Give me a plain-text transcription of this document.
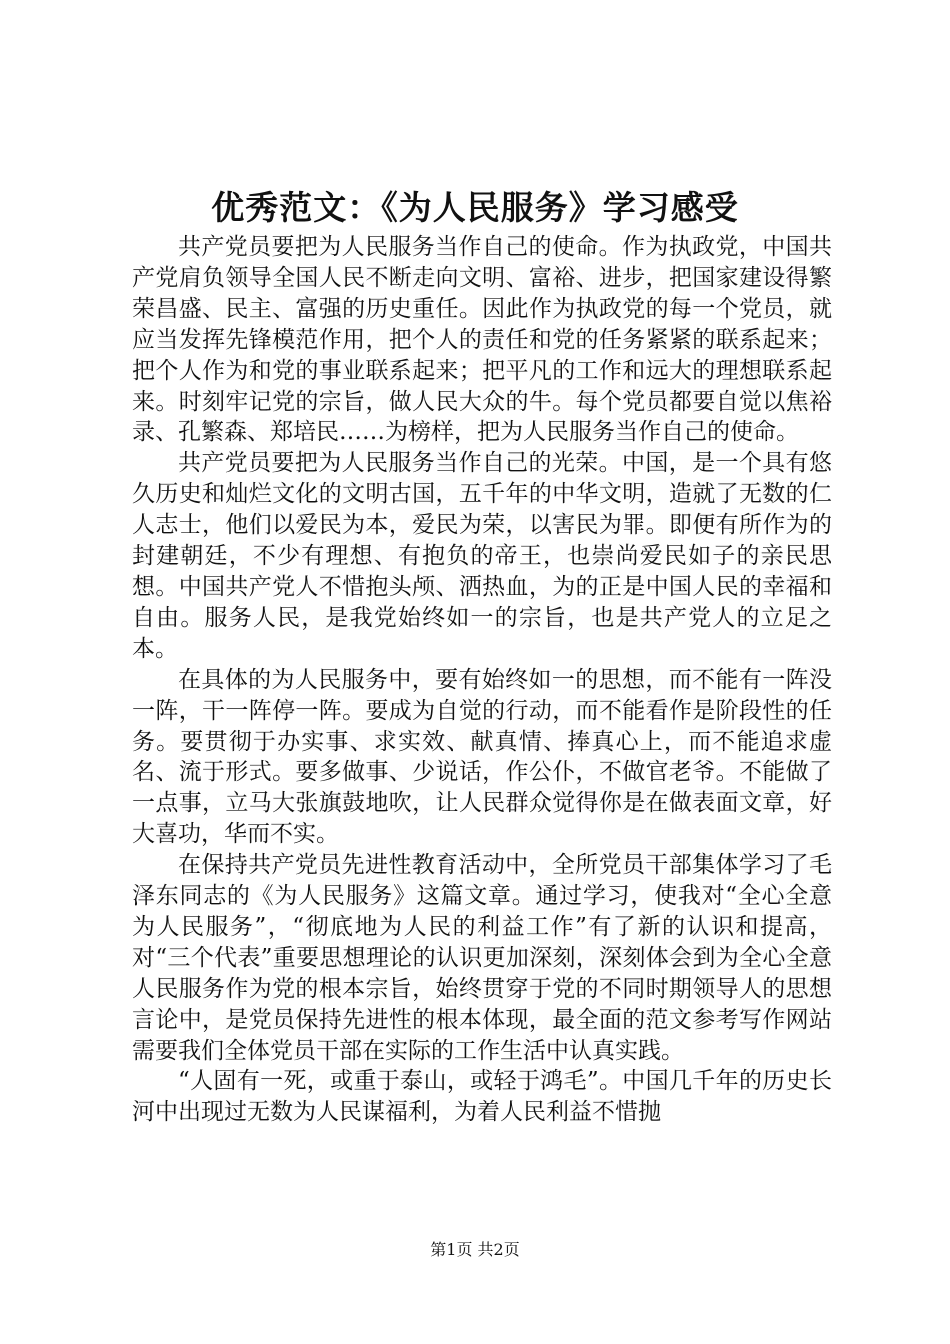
优秀范文：《为人民服务》学习感受

共产党员要把为人民服务当作自己的使命。作为执政党，中国共产党肩负领导全国人民不断走向文明、富裕、进步，把国家建设得繁荣昌盛、民主、富强的历史重任。因此作为执政党的每一个党员，就应当发挥先锋模范作用，把个人的责任和党的任务紧紧的联系起来；把个人作为和党的事业联系起来；把平凡的工作和远大的理想联系起来。时刻牢记党的宗旨，做人民大众的牛。每个党员都要自觉以焦裕录、孔繁森、郑培民……为榜样，把为人民服务当作自己的使命。

共产党员要把为人民服务当作自己的光荣。中国，是一个具有悠久历史和灿烂文化的文明古国，五千年的中华文明，造就了无数的仁人志士，他们以爱民为本，爱民为荣，以害民为罪。即便有所作为的封建朝廷，不少有理想、有抱负的帝王，也崇尚爱民如子的亲民思想。中国共产党人不惜抱头颅、洒热血，为的正是中国人民的幸福和自由。服务人民，是我党始终如一的宗旨，也是共产党人的立足之本。

在具体的为人民服务中，要有始终如一的思想，而不能有一阵没一阵，干一阵停一阵。要成为自觉的行动，而不能看作是阶段性的任务。要贯彻于办实事、求实效、献真情、捧真心上，而不能追求虚名、流于形式。要多做事、少说话，作公仆，不做官老爷。不能做了一点事，立马大张旗鼓地吹，让人民群众觉得你是在做表面文章，好大喜功，华而不实。

在保持共产党员先进性教育活动中，全所党员干部集体学习了毛泽东同志的《为人民服务》这篇文章。通过学习，使我对“全心全意为人民服务”，“彻底地为人民的利益工作”有了新的认识和提高，对“三个代表”重要思想理论的认识更加深刻，深刻体会到为全心全意人民服务作为党的根本宗旨，始终贯穿于党的不同时期领导人的思想言论中，是党员保持先进性的根本体现，最全面的范文参考写作网站需要我们全体党员干部在实际的工作生活中认真实践。

“人固有一死，或重于泰山，或轻于鸿毛”。中国几千年的历史长河中出现过无数为人民谋福利，为着人民利益不惜抛

第1页 共2页
